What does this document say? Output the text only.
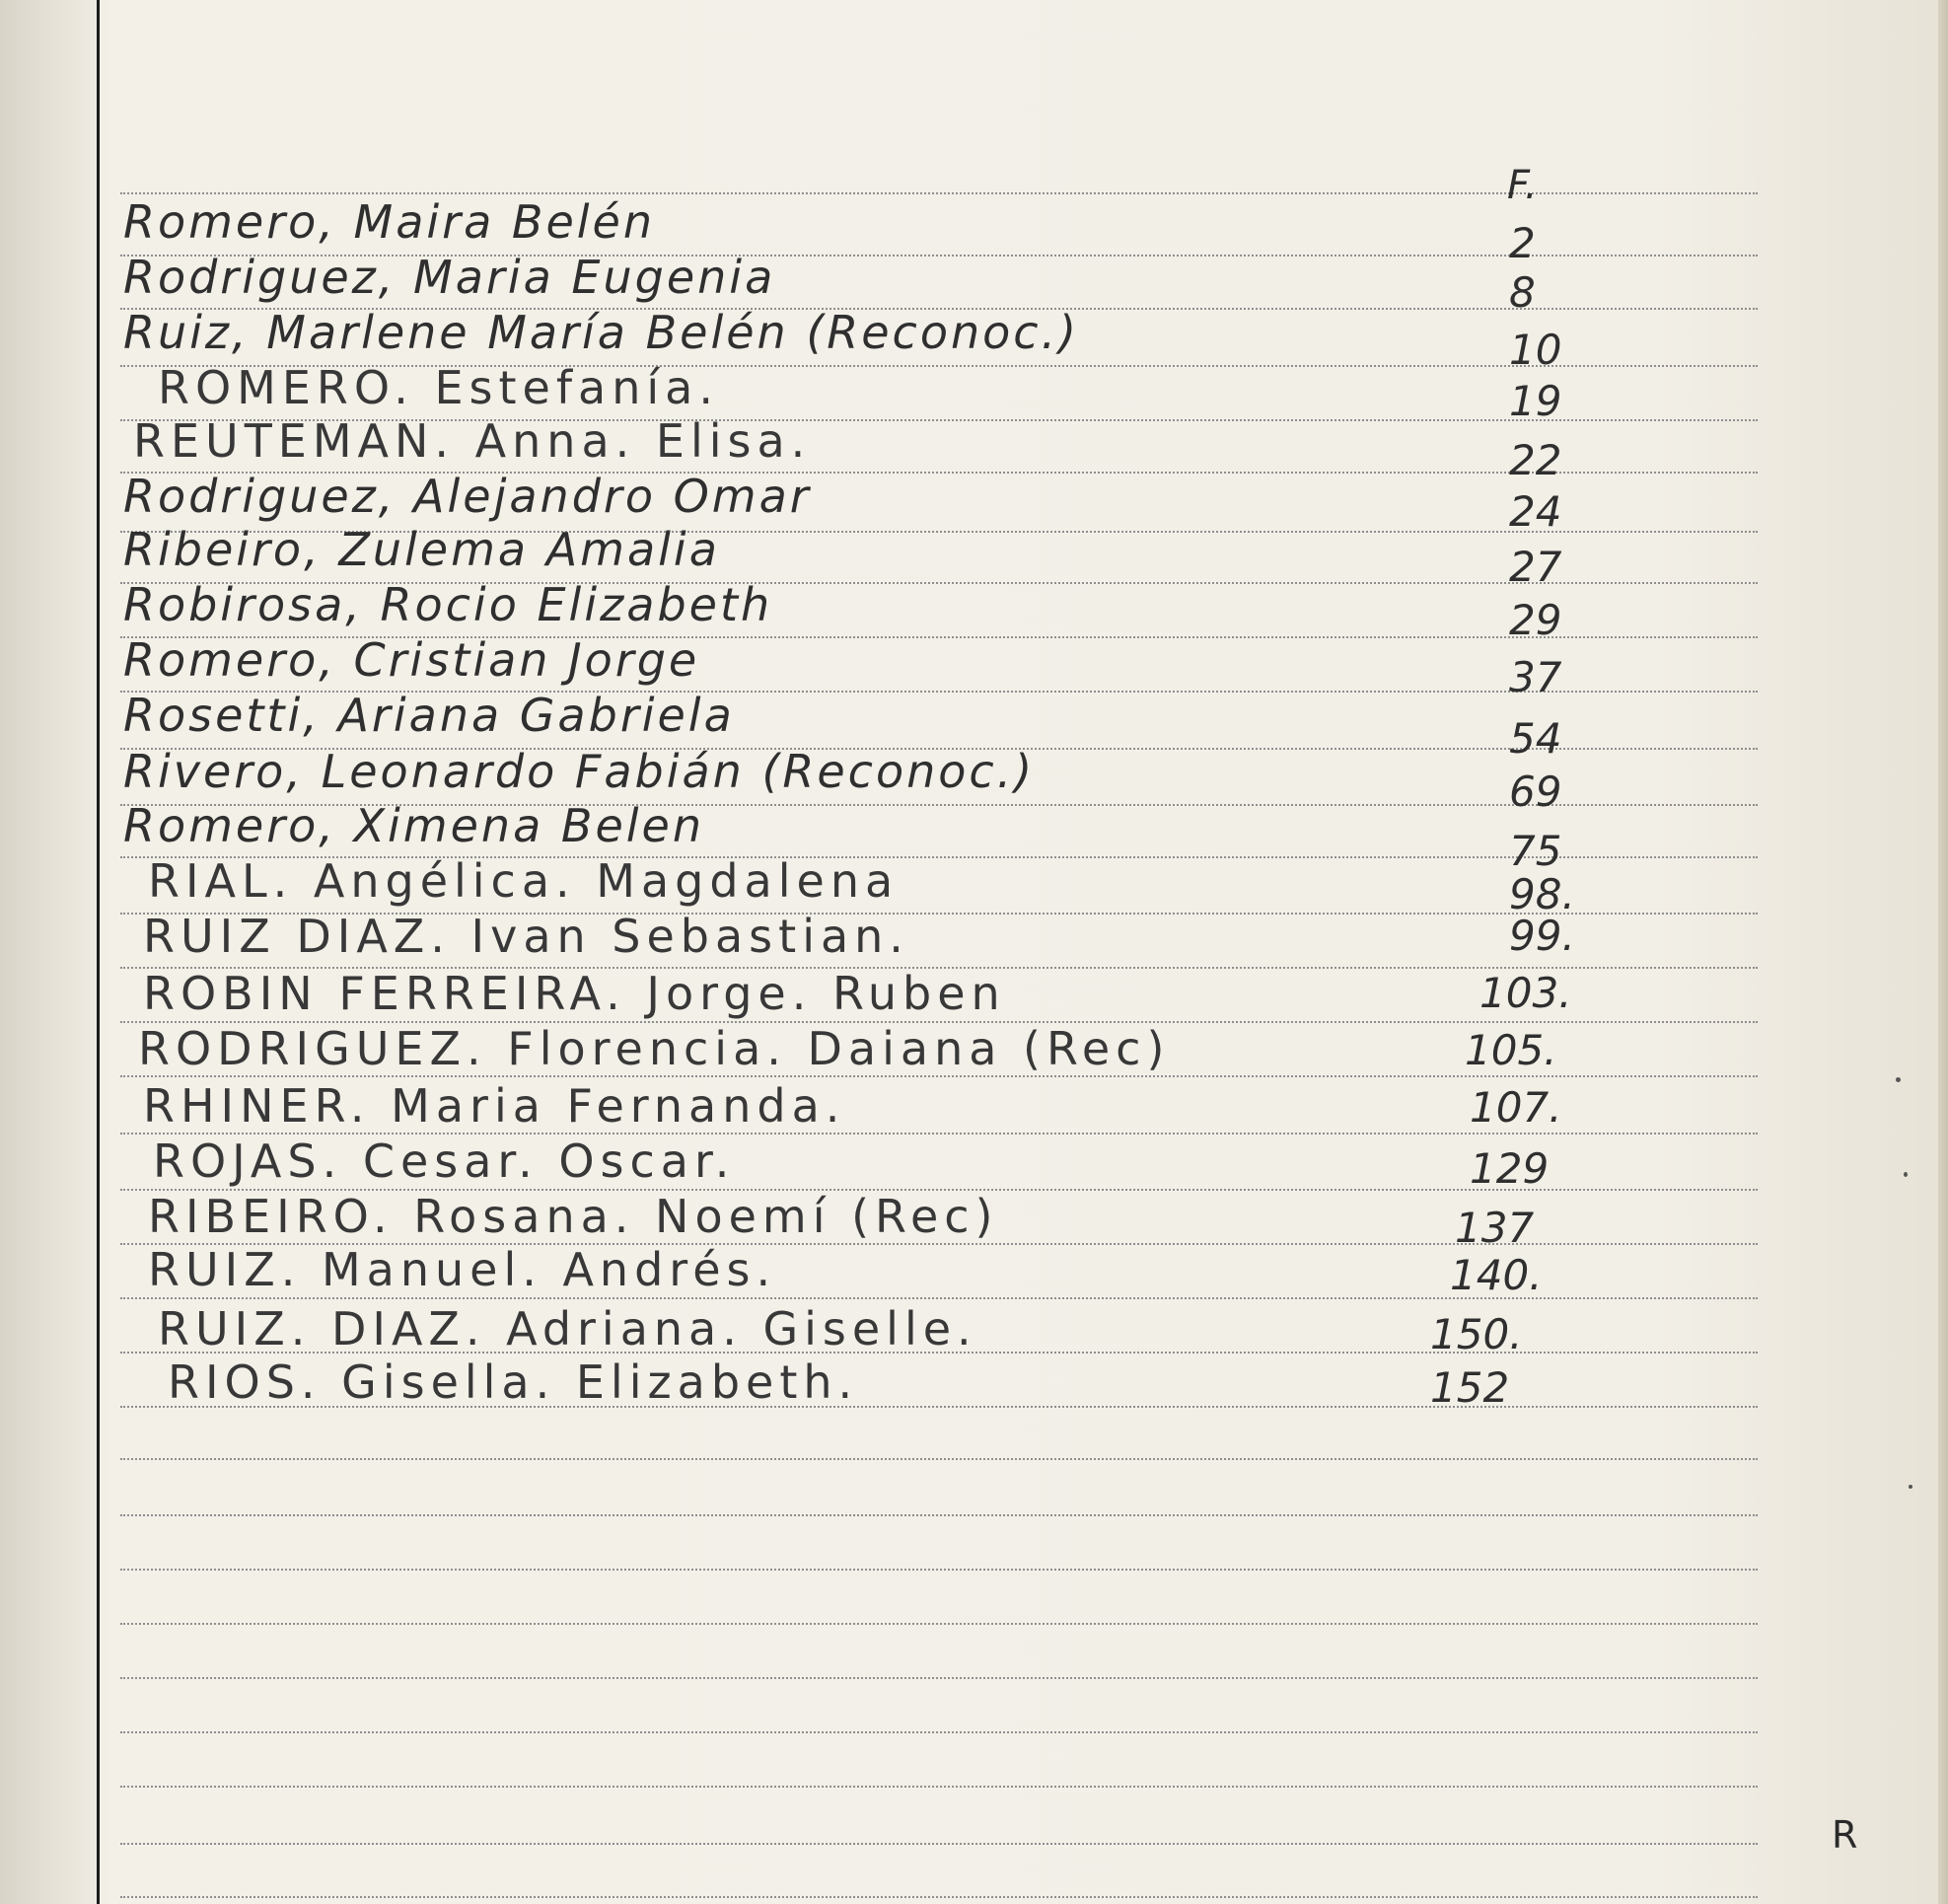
F.
Romero, Maira Belén	2
Rodriguez, Maria Eugenia	8
Ruiz, Marlene María Belén (Reconoc.)	10
ROMERO. Estefanía.	19
REUTEMAN. Anna. Elisa.	22
Rodriguez, Alejandro Omar	24
Ribeiro, Zulema Amalia	27
Robirosa, Rocio Elizabeth	29
Romero, Cristian Jorge	37
Rosetti, Ariana Gabriela	54
Rivero, Leonardo Fabián (Reconoc.)	69
Romero, Ximena Belen	75
RIAL. Angélica. Magdalena	98.
RUIZ DIAZ. Ivan Sebastian.	99.
ROBIN FERREIRA. Jorge. Ruben	103.
RODRIGUEZ. Florencia. Daiana (Rec)	105.
RHINER. Maria Fernanda.	107.
ROJAS. Cesar. Oscar.	129
RIBEIRO. Rosana. Noemí (Rec)	137
RUIZ. Manuel. Andrés.	140.
RUIZ. DIAZ. Adriana. Giselle.	150.
RIOS. Gisella. Elizabeth.	152
R
